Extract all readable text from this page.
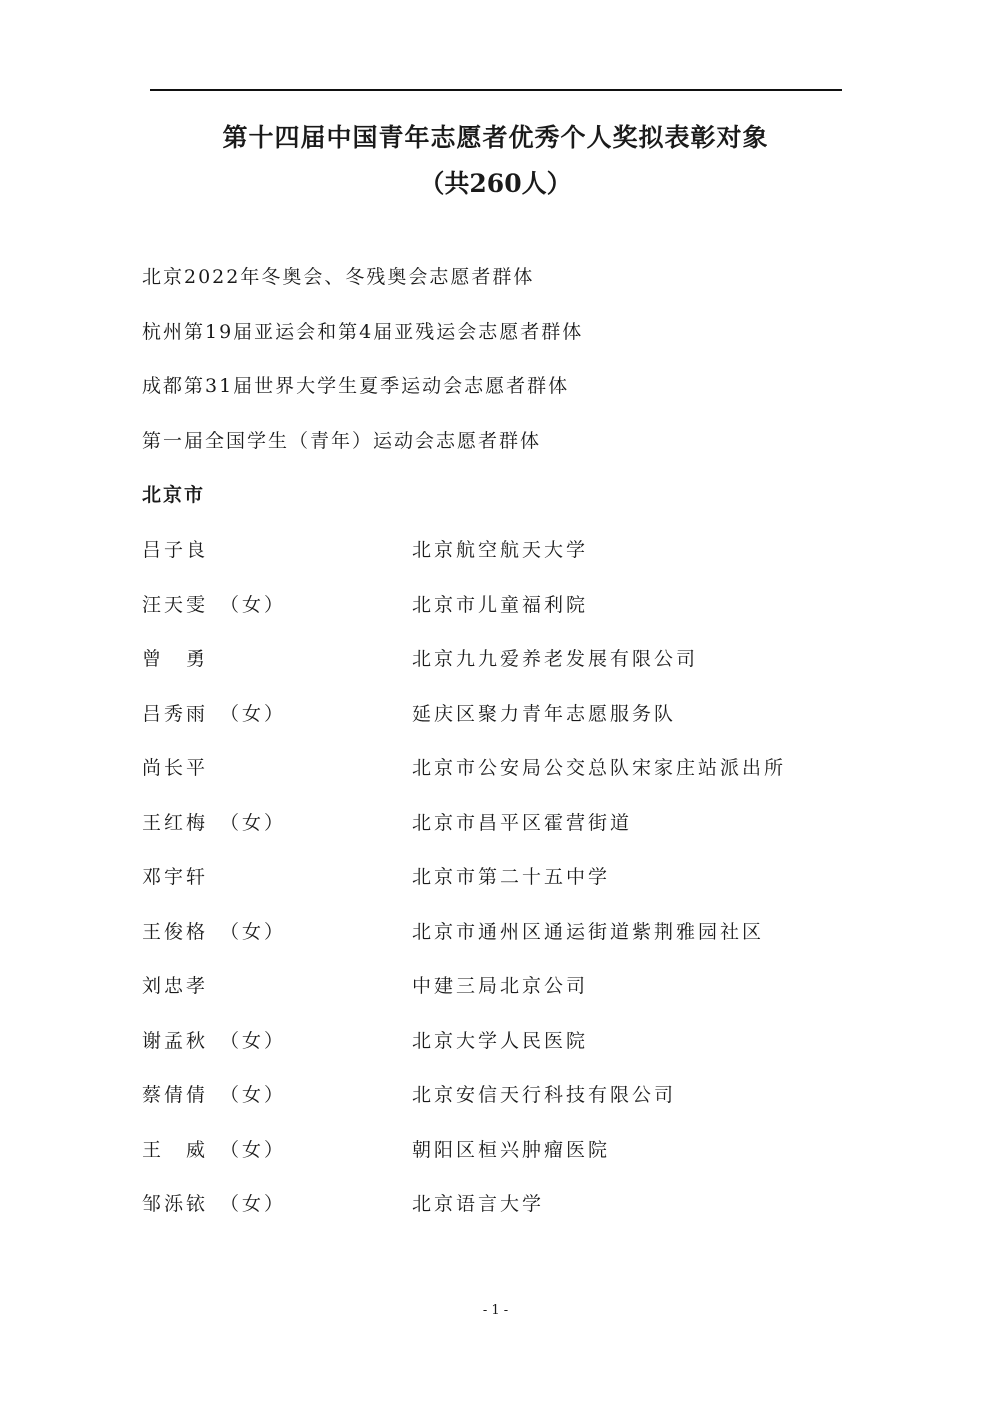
第十四届中国青年志愿者优秀个人奖拟表彰对象
（共260人）
北京2022年冬奥会、冬残奥会志愿者群体
杭州第19届亚运会和第4届亚残运会志愿者群体
成都第31届世界大学生夏季运动会志愿者群体
第一届全国学生（青年）运动会志愿者群体
北京市
吕子良	北京航空航天大学
汪天雯 （女）	北京市儿童福利院
曾　勇	北京九九爱养老发展有限公司
吕秀雨 （女）	延庆区聚力青年志愿服务队
尚长平	北京市公安局公交总队宋家庄站派出所
王红梅 （女）	北京市昌平区霍营街道
邓宇轩	北京市第二十五中学
王俊格 （女）	北京市通州区通运街道紫荆雅园社区
刘忠孝	中建三局北京公司
谢孟秋 （女）	北京大学人民医院
蔡倩倩 （女）	北京安信天行科技有限公司
王　威 （女）	朝阳区桓兴肿瘤医院
邹泺铱 （女）	北京语言大学
- 1 -
